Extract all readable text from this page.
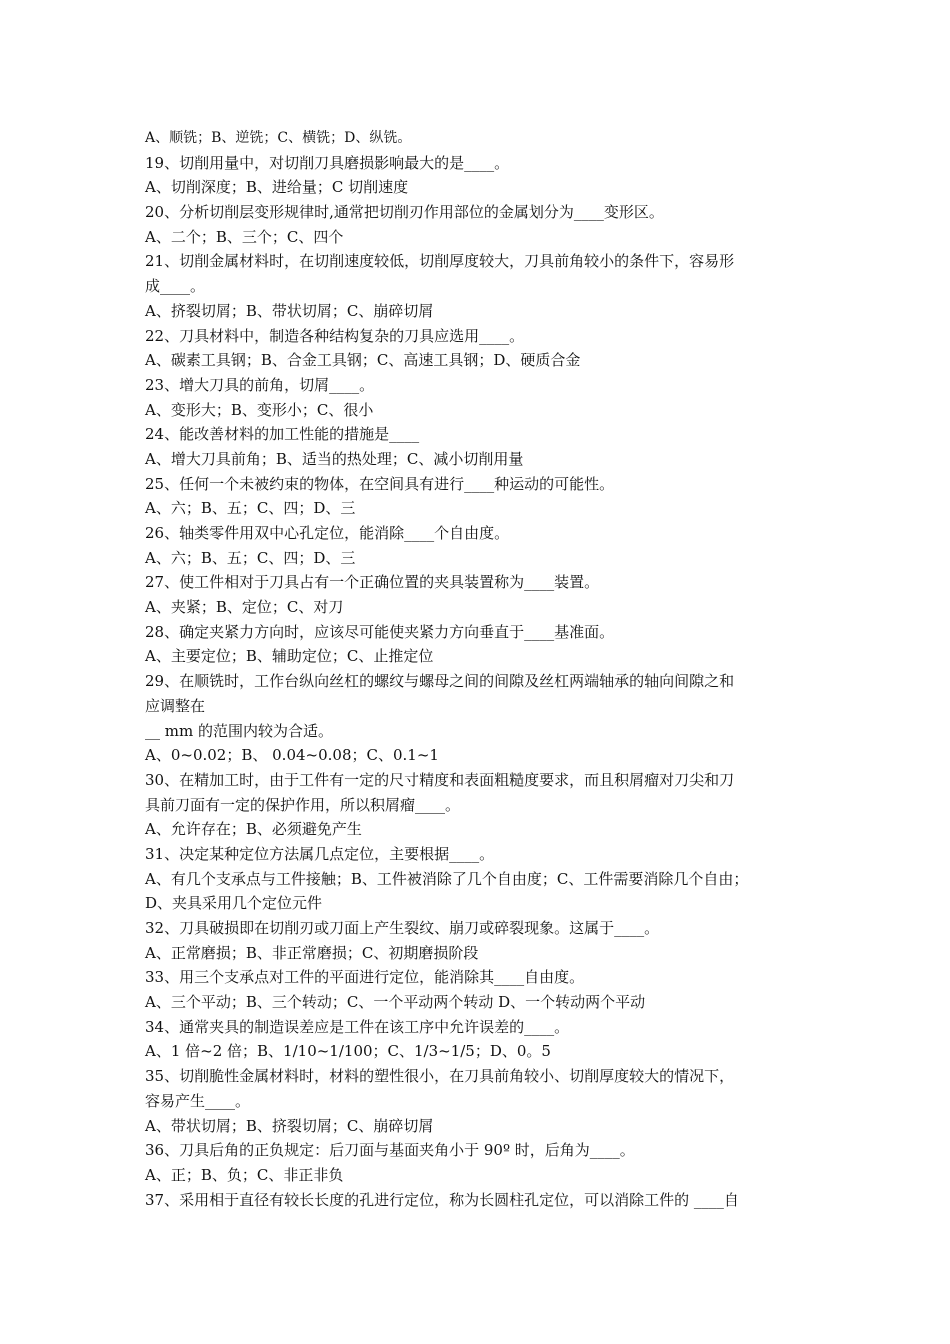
A、顺铣；B、逆铣；C、横铣；D、纵铣。
19、切削用量中，对切削刀具磨损影响最大的是____。
A、切削深度；B、进给量；C 切削速度
20、分析切削层变形规律时,通常把切削刃作用部位的金属划分为____变形区。
A、二个；B、三个；C、四个
21、切削金属材料时，在切削速度较低，切削厚度较大，刀具前角较小的条件下，容易形
成____。
A、挤裂切屑；B、带状切屑；C、崩碎切屑
22、刀具材料中，制造各种结构复杂的刀具应选用____。
A、碳素工具钢；B、合金工具钢；C、高速工具钢；D、硬质合金
23、增大刀具的前角，切屑____。
A、变形大；B、变形小；C、很小
24、能改善材料的加工性能的措施是____
A、增大刀具前角；B、适当的热处理；C、减小切削用量
25、任何一个未被约束的物体，在空间具有进行____种运动的可能性。
A、六；B、五；C、四；D、三
26、轴类零件用双中心孔定位，能消除____个自由度。
A、六；B、五；C、四；D、三
27、使工件相对于刀具占有一个正确位置的夹具装置称为____装置。
A、夹紧；B、定位；C、对刀
28、确定夹紧力方向时，应该尽可能使夹紧力方向垂直于____基准面。
A、主要定位；B、辅助定位；C、止推定位
29、在顺铣时，工作台纵向丝杠的螺纹与螺母之间的间隙及丝杠两端轴承的轴向间隙之和
应调整在
__ mm 的范围内较为合适。
A、0~0.02；B、 0.04~0.08；C、0.1~1
30、在精加工时，由于工件有一定的尺寸精度和表面粗糙度要求，而且积屑瘤对刀尖和刀
具前刀面有一定的保护作用，所以积屑瘤____。
A、允许存在；B、必须避免产生
31、决定某种定位方法属几点定位，主要根据____。
A、有几个支承点与工件接触；B、工件被消除了几个自由度；C、工件需要消除几个自由；
D、夹具采用几个定位元件
32、刀具破损即在切削刃或刀面上产生裂纹、崩刀或碎裂现象。这属于____。
A、正常磨损；B、非正常磨损；C、初期磨损阶段
33、用三个支承点对工件的平面进行定位，能消除其____自由度。
A、三个平动；B、三个转动；C、一个平动两个转动 D、一个转动两个平动
34、通常夹具的制造误差应是工件在该工序中允许误差的____。
A、1 倍~2 倍；B、1/10~1/100；C、1/3~1/5；D、0。5
35、切削脆性金属材料时，材料的塑性很小，在刀具前角较小、切削厚度较大的情况下，
容易产生____。
A、带状切屑；B、挤裂切屑；C、崩碎切屑
36、刀具后角的正负规定：后刀面与基面夹角小于 90º 时，后角为____。
A、正；B、负；C、非正非负
37、采用相于直径有较长长度的孔进行定位，称为长圆柱孔定位，可以消除工件的 ____自
